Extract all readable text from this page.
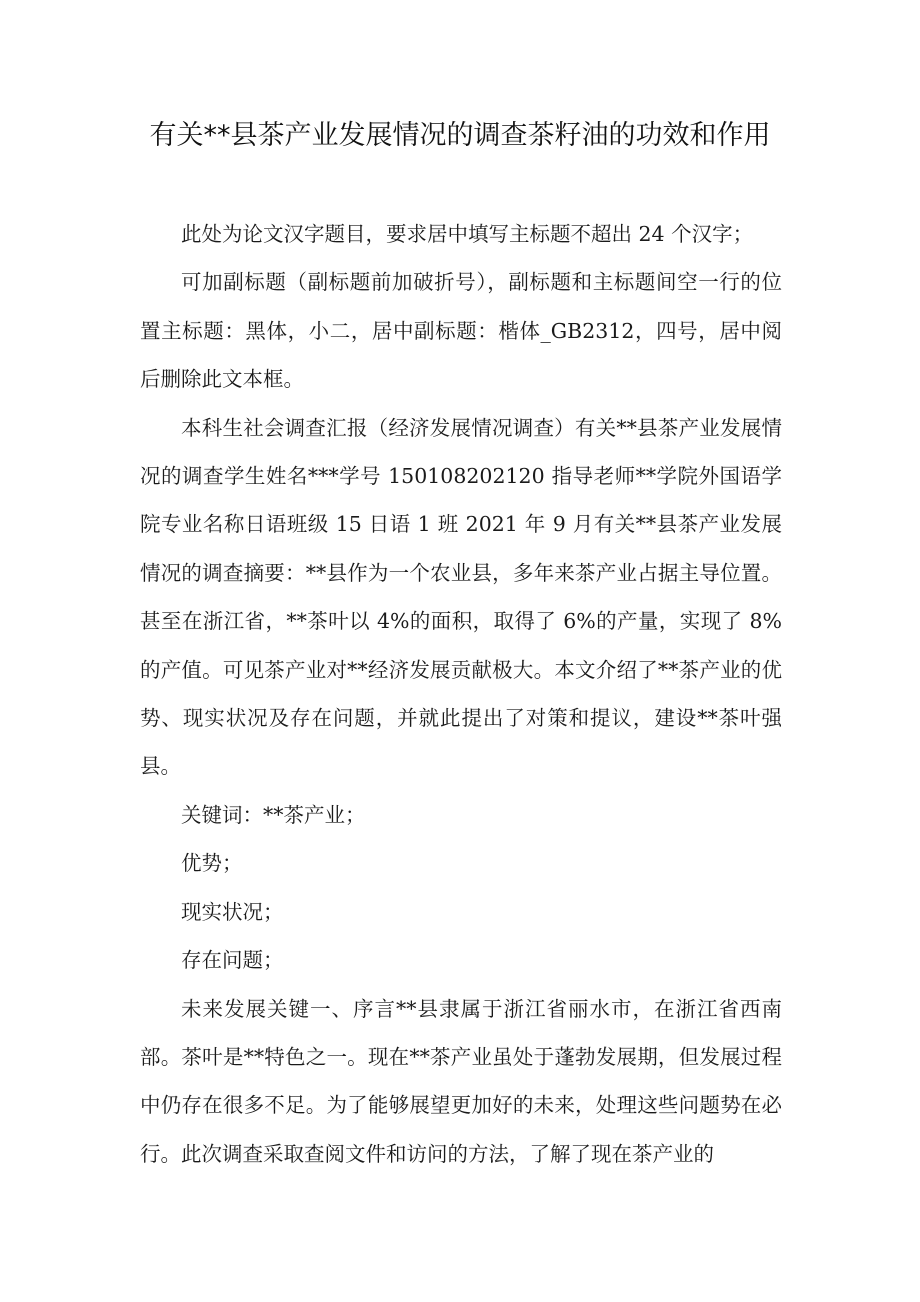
有关**县茶产业发展情况的调查茶籽油的功效和作用

此处为论文汉字题目，要求居中填写主标题不超出 24 个汉字；

可加副标题（副标题前加破折号），副标题和主标题间空一行的位置主标题：黑体，小二，居中副标题：楷体_GB2312，四号，居中阅后删除此文本框。

本科生社会调查汇报（经济发展情况调查）有关**县茶产业发展情况的调查学生姓名***学号 150108202120 指导老师**学院外国语学院专业名称日语班级 15 日语 1 班 2021 年 9 月有关**县茶产业发展情况的调查摘要：**县作为一个农业县，多年来茶产业占据主导位置。甚至在浙江省，**茶叶以 4%的面积，取得了 6%的产量，实现了 8%的产值。可见茶产业对**经济发展贡献极大。本文介绍了**茶产业的优势、现实状况及存在问题，并就此提出了对策和提议，建设**茶叶强县。

关键词：**茶产业；

优势；

现实状况；

存在问题；

未来发展关键一、序言**县隶属于浙江省丽水市，在浙江省西南部。茶叶是**特色之一。现在**茶产业虽处于蓬勃发展期，但发展过程中仍存在很多不足。为了能够展望更加好的未来，处理这些问题势在必行。此次调查采取查阅文件和访问的方法，了解了现在茶产业的
